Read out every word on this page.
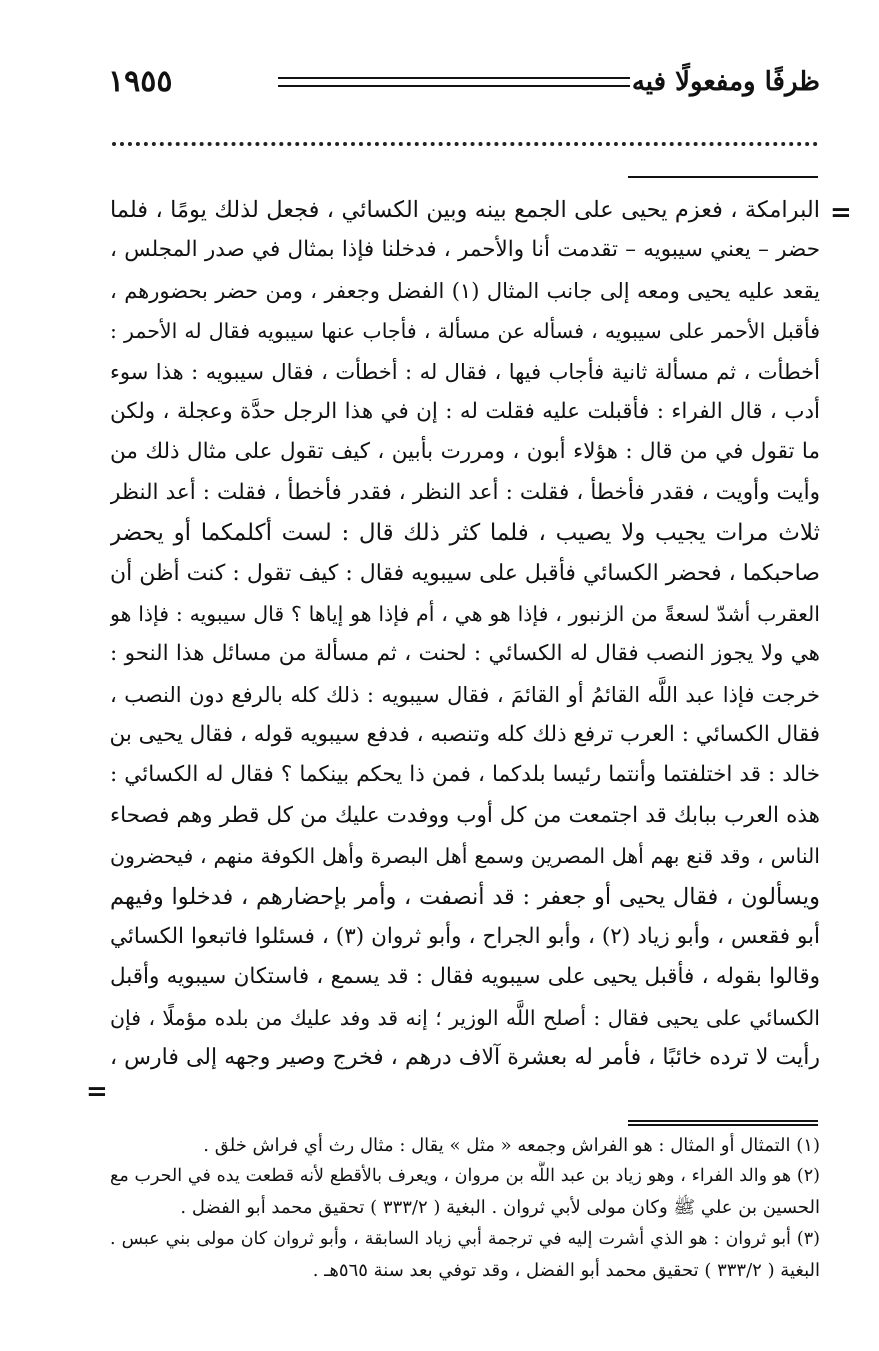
١٩٥٥	ظرفًا ومفعولًا فيه
=
البرامكة ، فعزم يحيى على الجمع بينه وبين الكسائي ، فجعل لذلك يومًا ، فلما
حضر – يعني سيبويه – تقدمت أنا والأحمر ، فدخلنا فإذا بمثال في صدر المجلس ،
يقعد عليه يحيى ومعه إلى جانب المثال (١) الفضل وجعفر ، ومن حضر بحضورهم ،
فأقبل الأحمر على سيبويه ، فسأله عن مسألة ، فأجاب عنها سيبويه فقال له الأحمر :
أخطأت ، ثم مسألة ثانية فأجاب فيها ، فقال له : أخطأت ، فقال سيبويه : هذا سوء
أدب ، قال الفراء : فأقبلت عليه فقلت له : إن في هذا الرجل حدَّة وعجلة ، ولكن
ما تقول في من قال : هؤلاء أبون ، ومررت بأبين ، كيف تقول على مثال ذلك من
وأيت وأويت ، فقدر فأخطأ ، فقلت : أعد النظر ، فقدر فأخطأ ، فقلت : أعد النظر
ثلاث مرات يجيب ولا يصيب ، فلما كثر ذلك قال : لست أكلمكما أو يحضر
صاحبكما ، فحضر الكسائي فأقبل على سيبويه فقال : كيف تقول : كنت أظن أن
العقرب أشدّ لسعةً من الزنبور ، فإذا هو هي ، أم فإذا هو إياها ؟ قال سيبويه : فإذا هو
هي ولا يجوز النصب فقال له الكسائي : لحنت ، ثم مسألة من مسائل هذا النحو :
خرجت فإذا عبد اللَّه القائمُ أو القائمَ ، فقال سيبويه : ذلك كله بالرفع دون النصب ،
فقال الكسائي : العرب ترفع ذلك كله وتنصبه ، فدفع سيبويه قوله ، فقال يحيى بن
خالد : قد اختلفتما وأنتما رئيسا بلدكما ، فمن ذا يحكم بينكما ؟ فقال له الكسائي :
هذه العرب ببابك قد اجتمعت من كل أوب ووفدت عليك من كل قطر وهم فصحاء
الناس ، وقد قنع بهم أهل المصرين وسمع أهل البصرة وأهل الكوفة منهم ، فيحضرون
ويسألون ، فقال يحيى أو جعفر : قد أنصفت ، وأمر بإحضارهم ، فدخلوا وفيهم
أبو فقعس ، وأبو زياد (٢) ، وأبو الجراح ، وأبو ثروان (٣) ، فسئلوا فاتبعوا الكسائي
وقالوا بقوله ، فأقبل يحيى على سيبويه فقال : قد يسمع ، فاستكان سيبويه وأقبل
الكسائي على يحيى فقال : أصلح اللَّه الوزير ؛ إنه قد وفد عليك من بلده مؤملًا ، فإن
رأيت لا ترده خائبًا ، فأمر له بعشرة آلاف درهم ، فخرج وصير وجهه إلى فارس ،
=
(١) التمثال أو المثال : هو الفراش وجمعه « مثل » يقال : مثال رث أي فراش خلق .
(٢) هو والد الفراء ، وهو زياد بن عبد اللَّه بن مروان ، ويعرف بالأقطع لأنه قطعت يده في الحرب مع
الحسين بن علي ﷺ وكان مولى لأبي ثروان . البغية ( ٣٣٣/٢ ) تحقيق محمد أبو الفضل .
(٣) أبو ثروان : هو الذي أشرت إليه في ترجمة أبي زياد السابقة ، وأبو ثروان كان مولى بني عبس .
البغية ( ٣٣٣/٢ ) تحقيق محمد أبو الفضل ، وقد توفي بعد سنة ٥٦٥هـ .
